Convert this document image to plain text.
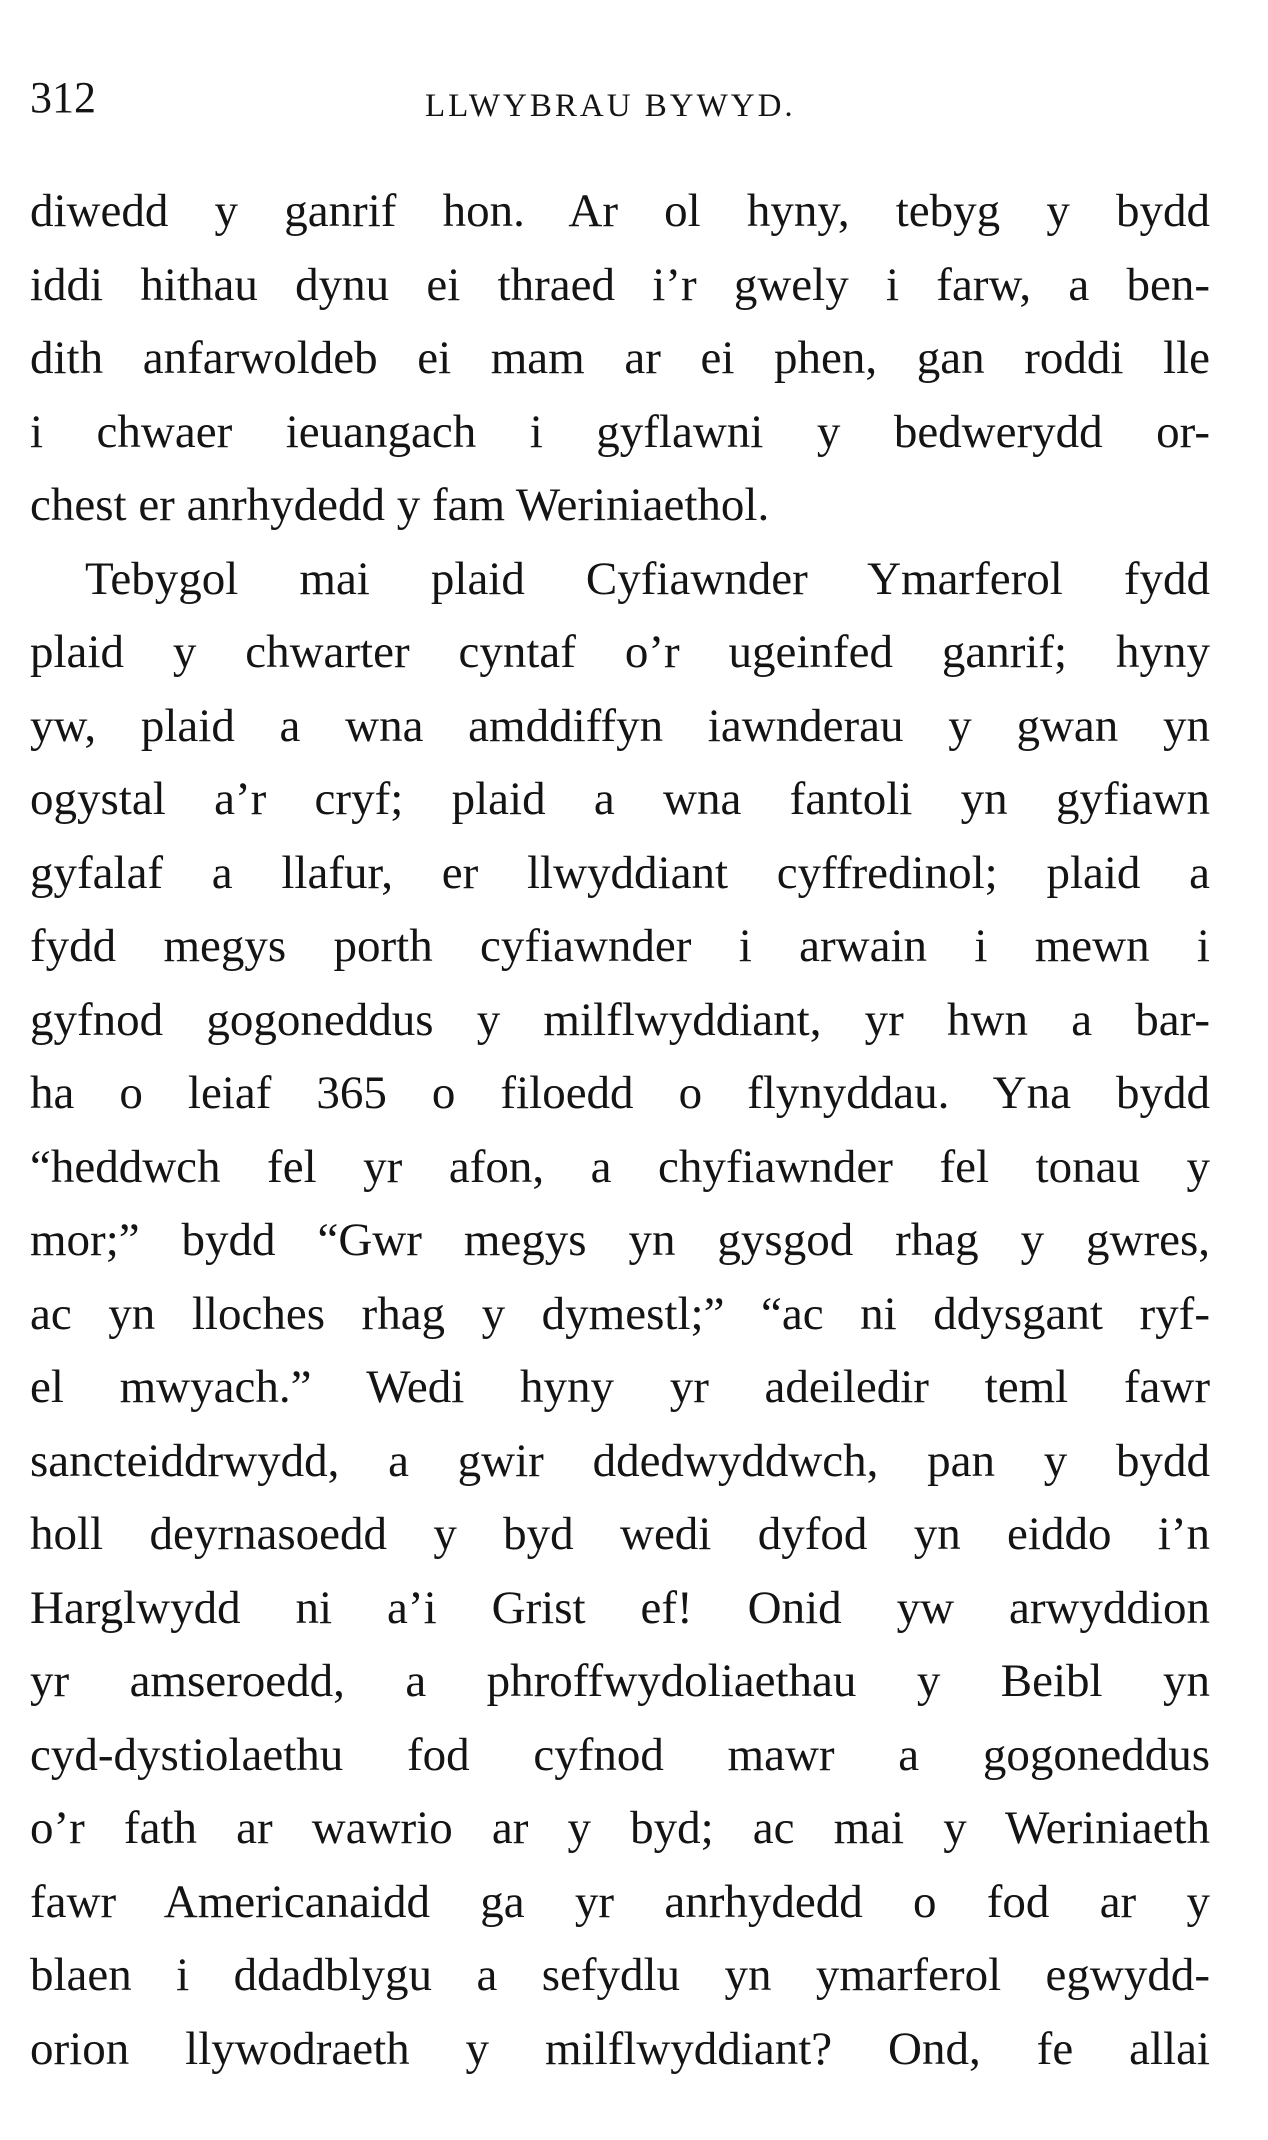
312	LLWYBRAU BYWYD.
diwedd y ganrif hon. Ar ol hyny, tebyg y bydd
iddi hithau dynu ei thraed i’r gwely i farw, a ben-
dith anfarwoldeb ei mam ar ei phen, gan roddi lle
i chwaer ieuangach i gyflawni y bedwerydd or-
chest er anrhydedd y fam Weriniaethol.
Tebygol mai plaid Cyfiawnder Ymarferol fydd
plaid y chwarter cyntaf o’r ugeinfed ganrif; hyny
yw, plaid a wna amddiffyn iawnderau y gwan yn
ogystal a’r cryf; plaid a wna fantoli yn gyfiawn
gyfalaf a llafur, er llwyddiant cyffredinol; plaid a
fydd megys porth cyfiawnder i arwain i mewn i
gyfnod gogoneddus y milflwyddiant, yr hwn a bar-
ha o leiaf 365 o filoedd o flynyddau. Yna bydd
“heddwch fel yr afon, a chyfiawnder fel tonau y
mor;” bydd “Gwr megys yn gysgod rhag y gwres,
ac yn lloches rhag y dymestl;” “ac ni ddysgant ryf-
el mwyach.” Wedi hyny yr adeiledir teml fawr
sancteiddrwydd, a gwir ddedwyddwch, pan y bydd
holl deyrnasoedd y byd wedi dyfod yn eiddo i’n
Harglwydd ni a’i Grist ef! Onid yw arwyddion
yr amseroedd, a phroffwydoliaethau y Beibl yn
cyd-dystiolaethu fod cyfnod mawr a gogoneddus
o’r fath ar wawrio ar y byd; ac mai y Weriniaeth
fawr Americanaidd ga yr anrhydedd o fod ar y
blaen i ddadblygu a sefydlu yn ymarferol egwydd-
orion llywodraeth y milflwyddiant? Ond, fe allai
